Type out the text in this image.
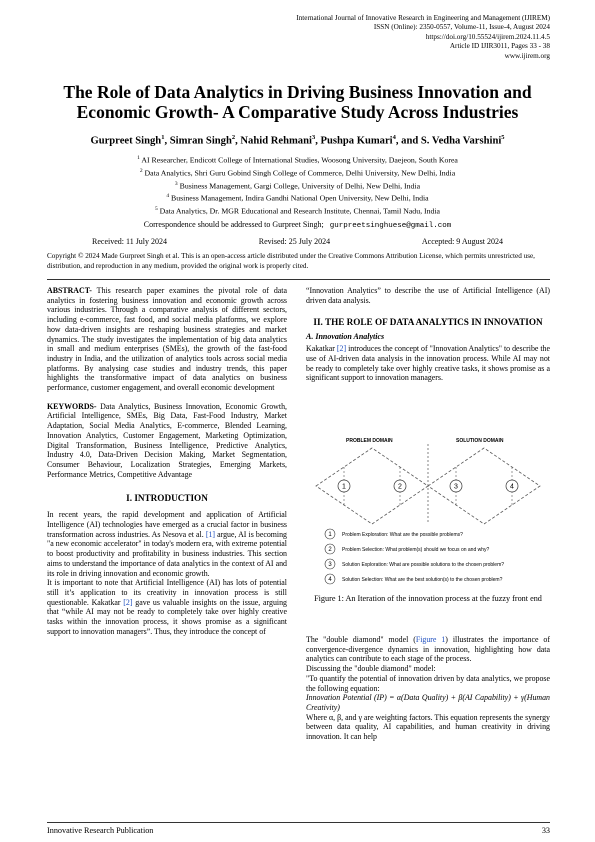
International Journal of Innovative Research in Engineering and Management (IJIREM)
ISSN (Online): 2350-0557, Volume-11, Issue-4, August 2024
https://doi.org/10.55524/ijirem.2024.11.4.5
Article ID IJIR3011, Pages 33 - 38
www.ijirem.org
The Role of Data Analytics in Driving Business Innovation and
Economic Growth- A Comparative Study Across Industries
Gurpreet Singh$^1$, Simran Singh$^2$, Nahid Rehmani$^3$, Pushpa Kumari$^4$, and S. Vedha Varshini$^5$
$^1$ AI Researcher, Endicott College of International Studies, Woosong University, Daejeon, South Korea
$^2$ Data Analytics, Shri Guru Gobind Singh College of Commerce, Delhi University, New Delhi, India
$^3$ Business Management, Gargi College, University of Delhi, New Delhi, India
$^4$ Business Management, Indira Gandhi National Open University, New Delhi, India
$^5$ Data Analytics, Dr. MGR Educational and Research Institute, Chennai, Tamil Nadu, India
Correspondence should be addressed to Gurpreet Singh; gurpreetsinghuese@gmail.com
Received: 11 July 2024	Revised: 25 July 2024	Accepted: 9 August 2024
Copyright © 2024 Made Gurpreet Singh et al. This is an open-access article distributed under the Creative Commons Attribution License, which permits unrestricted use, distribution, and reproduction in any medium, provided the original work is properly cited.

ABSTRACT- This research paper examines the pivotal role of data analytics in fostering business innovation and economic growth across various industries. Through a comparative analysis of different sectors, including e-commerce, fast food, and social media platforms, we explore how data-driven insights are reshaping business strategies and market dynamics. The study investigates the implementation of big data analytics in small and medium enterprises (SMEs), the growth of the fast-food industry in India, and the utilization of analytics tools across social media platforms. By analysing case studies and industry trends, this paper highlights the transformative impact of data analytics on business performance, customer engagement, and overall economic development

KEYWORDS- Data Analytics, Business Innovation, Economic Growth, Artificial Intelligence, SMEs, Big Data, Fast-Food Industry, Market Adaptation, Social Media Analytics, E-commerce, Blended Learning, Innovation Analytics, Customer Engagement, Marketing Optimization, Digital Transformation, Business Intelligence, Predictive Analytics, Industry 4.0, Data-Driven Decision Making, Market Segmentation, Consumer Behaviour, Localization Strategies, Emerging Markets, Performance Metrics, Competitive Advantage

I. INTRODUCTION

In recent years, the rapid development and application of Artificial Intelligence (AI) technologies have emerged as a crucial factor in business transformation across industries. As Nesova et al. [1] argue, AI is becoming "a new economic accelerator" in today's modern era, with extreme potential to boost productivity and profitability in business industries. This section aims to understand the importance of data analytics in the context of AI and its role in driving innovation and economic growth.

It is important to note that Artificial Intelligence (AI) has lots of potential still it’s application to its creativity in innovation process is still questionable. Kakatkar [2] gave us valuable insights on the issue, arguing that “while AI may not be ready to completely take over highly creative tasks within the innovation process, it shows promise as a significant support to innovation managers”. Thus, they introduce the concept of

“Innovation Analytics” to describe the use of Artificial Intelligence (AI) driven data analysis.

II. THE ROLE OF DATA ANALYTICS IN INNOVATION

A. Innovation Analytics

Kakatkar [2] introduces the concept of "Innovation Analytics" to describe the use of AI-driven data analysis in the innovation process. While AI may not be ready to completely take over highly creative tasks, it shows promise as a significant support to innovation managers.

PROBLEM DOMAIN	SOLUTION DOMAIN
1	2	3	4
1 Problem Exploration: What are the possible problems?
2 Problem Selection: What problem(s) should we focus on and why?
3 Solution Exploration: What are possible solutions to the chosen problem?
4 Solution Selection: What are the best solution(s) to the chosen problem?
Figure 1: An Iteration of the innovation process at the fuzzy front end

The "double diamond" model (Figure 1) illustrates the importance of convergence-divergence dynamics in innovation, highlighting how data analytics can contribute to each stage of the process.

Discussing the "double diamond" model:

"To quantify the potential of innovation driven by data analytics, we propose the following equation:

Innovation Potential (IP) = α(Data Quality) + β(AI Capability) + γ(Human Creativity)

Where α, β, and γ are weighting factors. This equation represents the synergy between data quality, AI capabilities, and human creativity in driving innovation. It can help

Innovative Research Publication	33
